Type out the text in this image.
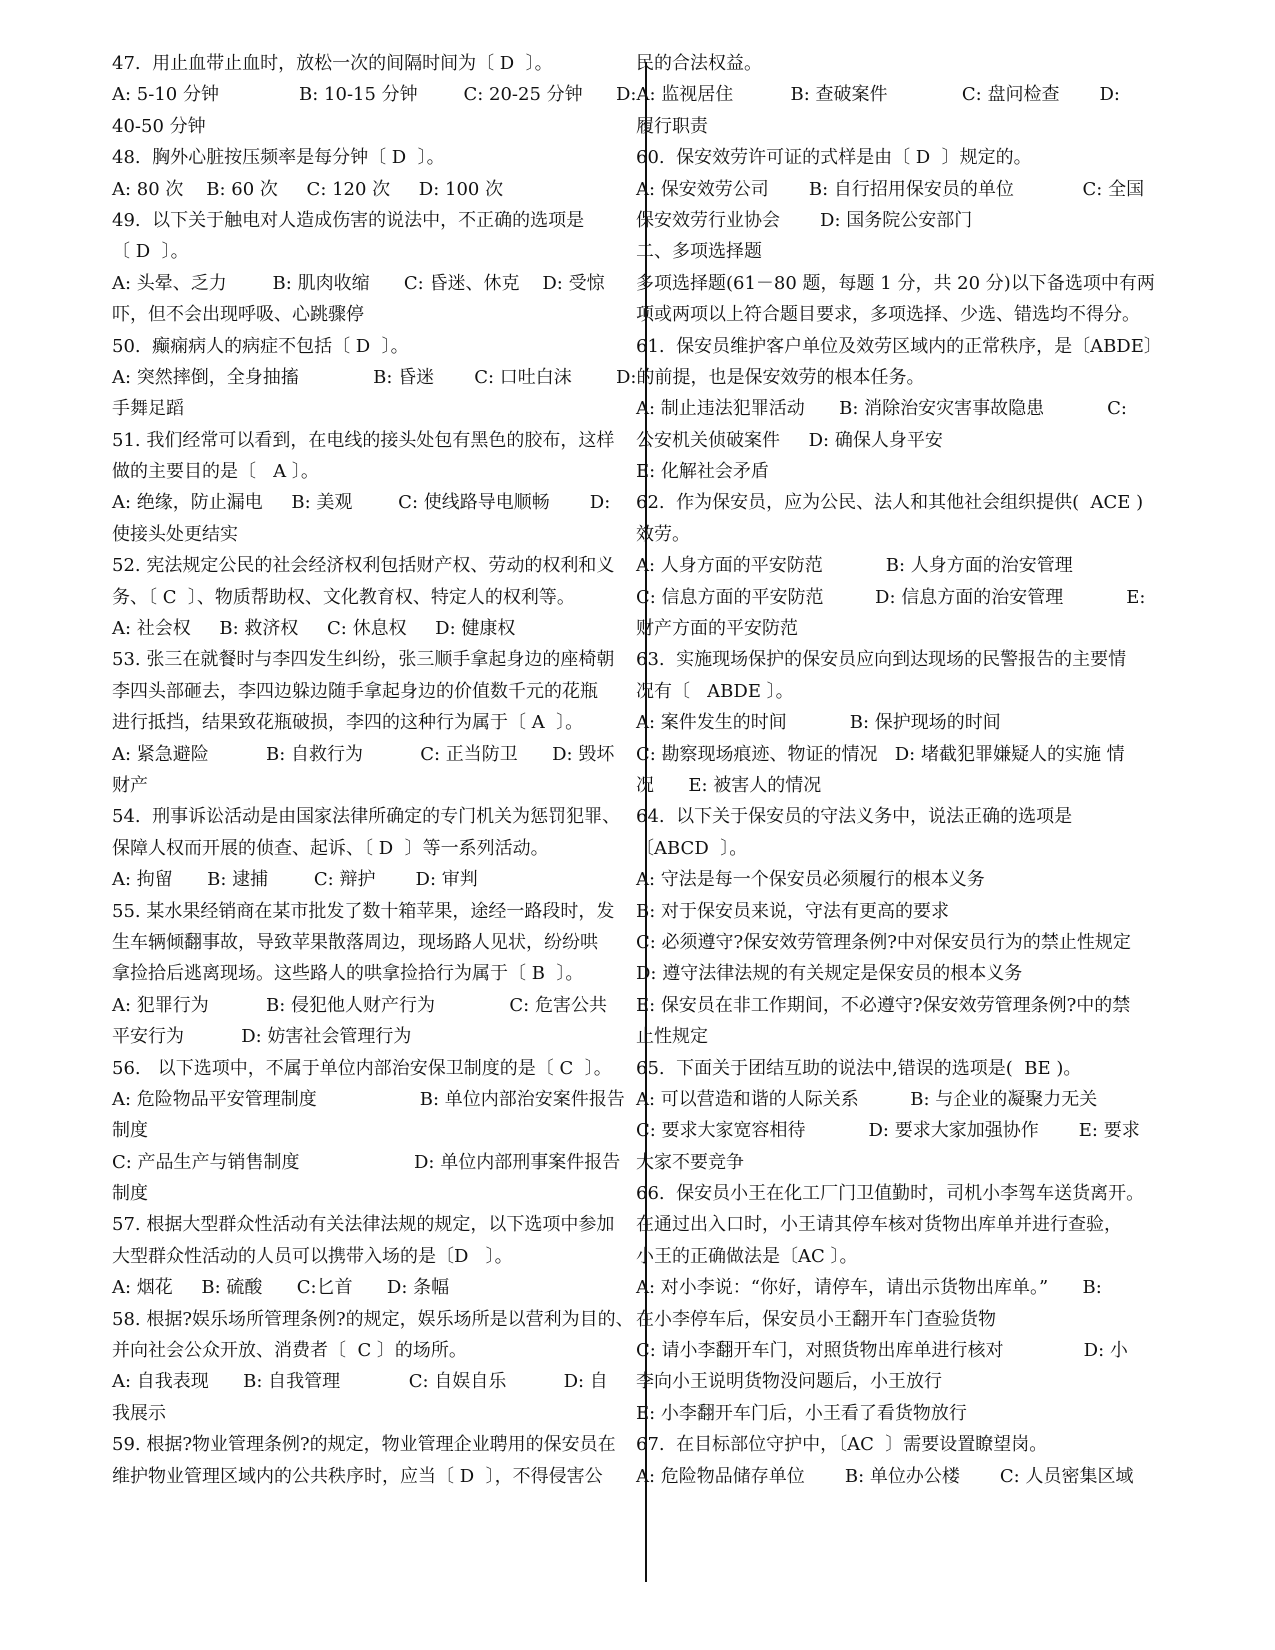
47.  用止血带止血时，放松一次的间隔时间为〔 D  〕。
A: 5-10 分钟              B: 10-15 分钟        C: 20-25 分钟
40-50 分钟
48.  胸外心脏按压频率是每分钟〔 D  〕。
A: 80 次    B: 60 次     C: 120 次     D: 100 次
49.  以下关于触电对人造成伤害的说法中，不正确的选项是
〔 D  〕。
A: 头晕、乏力        B: 肌肉收缩      C: 昏迷、休克    D: 受惊
吓，但不会出现呼吸、心跳骤停
50.  癫痫病人的病症不包括〔 D  〕。
A: 突然摔倒，全身抽搐             B: 昏迷       C: 口吐白沫
手舞足蹈
51. 我们经常可以看到，在电线的接头处包有黑色的胶布，这样
做的主要目的是〔   A 〕。
A: 绝缘，防止漏电     B: 美观        C: 使线路导电顺畅       D:
使接头处更结实
52. 宪法规定公民的社会经济权利包括财产权、劳动的权利和义
务、〔 C  〕、物质帮助权、文化教育权、特定人的权利等。
A: 社会权     B: 救济权     C: 休息权     D: 健康权
53. 张三在就餐时与李四发生纠纷，张三顺手拿起身边的座椅朝
李四头部砸去，李四边躲边随手拿起身边的价值数千元的花瓶
进行抵挡，结果致花瓶破损，李四的这种行为属于〔 A  〕。
A: 紧急避险          B: 自救行为          C: 正当防卫      D: 毁坏
财产
54.  刑事诉讼活动是由国家法律所确定的专门机关为惩罚犯罪、
保障人权而开展的侦查、起诉、〔 D  〕等一系列活动。
A: 拘留      B: 逮捕        C: 辩护       D: 审判
55. 某水果经销商在某市批发了数十箱苹果，途经一路段时，发
生车辆倾翻事故，导致苹果散落周边，现场路人见状，纷纷哄
拿捡拾后逃离现场。这些路人的哄拿捡拾行为属于〔 B  〕。
A: 犯罪行为          B: 侵犯他人财产行为             C: 危害公共
平安行为          D: 妨害社会管理行为
56.   以下选项中，不属于单位内部治安保卫制度的是〔 C  〕。
A: 危险物品平安管理制度                  B: 单位内部治安案件报告
制度
C: 产品生产与销售制度                    D: 单位内部刑事案件报告
制度
57. 根据大型群众性活动有关法律法规的规定，以下选项中参加
大型群众性活动的人员可以携带入场的是〔D   〕。
A: 烟花     B: 硫酸      C:匕首      D: 条幅
58. 根据?娱乐场所管理条例?的规定，娱乐场所是以营利为目的、
并向社会公众开放、消费者〔  C 〕的场所。
A: 自我表现      B: 自我管理            C: 自娱自乐          D: 自
我展示
59. 根据?物业管理条例?的规定，物业管理企业聘用的保安员在
维护物业管理区域内的公共秩序时，应当〔 D  〕，不得侵害公
民的合法权益。
D:A: 监视居住          B: 查破案件             C: 盘问检查       D:
履行职责
60.  保安效劳许可证的式样是由〔 D  〕规定的。
A: 保安效劳公司       B: 自行招用保安员的单位            C: 全国
保安效劳行业协会       D: 国务院公安部门
二、多项选择题
多项选择题(61－80 题，每题 1 分，共 20 分)以下备选项中有两
项或两项以上符合题目要求，多项选择、少选、错选均不得分。
61.  保安员维护客户单位及效劳区域内的正常秩序，是〔ABDE〕
D:的前提，也是保安效劳的根本任务。
A: 制止违法犯罪活动      B: 消除治安灾害事故隐患           C:
公安机关侦破案件     D: 确保人身平安
E: 化解社会矛盾
62.  作为保安员，应为公民、法人和其他社会组织提供(  ACE )
效劳。
A: 人身方面的平安防范           B: 人身方面的治安管理
C: 信息方面的平安防范         D: 信息方面的治安管理           E:
财产方面的平安防范
63.  实施现场保护的保安员应向到达现场的民警报告的主要情
况有〔   ABDE 〕。
A: 案件发生的时间           B: 保护现场的时间
C: 勘察现场痕迹、物证的情况   D: 堵截犯罪嫌疑人的实施 情
况      E: 被害人的情况
64.  以下关于保安员的守法义务中，说法正确的选项是
〔ABCD  〕。
A: 守法是每一个保安员必须履行的根本义务
B: 对于保安员来说，守法有更高的要求
C: 必须遵守?保安效劳管理条例?中对保安员行为的禁止性规定
D: 遵守法律法规的有关规定是保安员的根本义务
E: 保安员在非工作期间，不必遵守?保安效劳管理条例?中的禁
止性规定
65.  下面关于团结互助的说法中,错误的选项是(  BE )。
A: 可以营造和谐的人际关系         B: 与企业的凝聚力无关
C: 要求大家宽容相待           D: 要求大家加强协作       E: 要求
大家不要竞争
66.  保安员小王在化工厂门卫值勤时，司机小李驾车送货离开。
在通过出入口时，小王请其停车核对货物出库单并进行查验，
小王的正确做法是〔AC 〕。
A: 对小李说：“你好，请停车，请出示货物出库单。”      B:
在小李停车后，保安员小王翻开车门查验货物
C: 请小李翻开车门，对照货物出库单进行核对              D: 小
李向小王说明货物没问题后，小王放行
E: 小李翻开车门后，小王看了看货物放行
67.  在目标部位守护中，〔AC  〕需要设置瞭望岗。
A: 危险物品储存单位       B: 单位办公楼       C: 人员密集区域
